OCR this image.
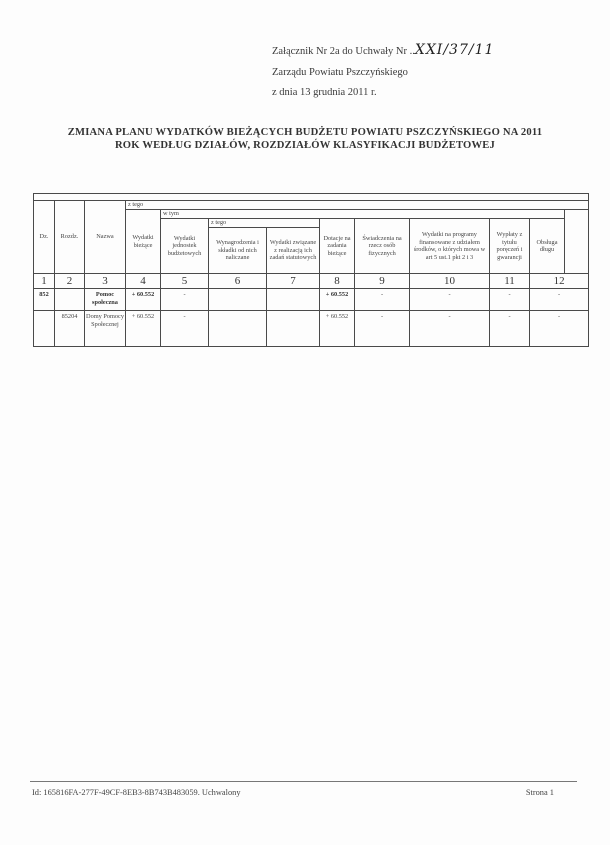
Załącznik Nr 2a do Uchwały Nr ..XXI/37/11
Zarządu Powiatu Pszczyńskiego
z dnia 13 grudnia 2011 r.
ZMIANA PLANU WYDATKÓW BIEŻĄCYCH BUDŻETU POWIATU PSZCZYŃSKIEGO NA 2011
ROK WEDŁUG DZIAŁÓW, ROZDZIAŁÓW KLASYFIKACJI BUDŻETOWEJ

Dz.	Rozdz.	Nazwa	z tego									
			Wydatki bieżące	w tym								
				Wydatki jednostek budżetowych	z tego		Dotacje na zadania bieżące	Świadczenia na rzecz osób fizycznych	Wydatki na programy finansowane z udziałem środków, o których mowa w art 5 ust.1 pkt 2 i 3	Wypłaty z tytułu poręczeń i gwarancji	Obsługa długu	
					Wynagrodzenia i składki od nich naliczane	Wydatki związane z realizacją ich zadań statutowych						
1	2	3	4	5	6	7	8	9	10	11	12	
852		Pomoc społeczna	+ 60.552	-			+ 60.552	-	-	-	-	
	85204	Domy Pomocy Społecznej	+ 60.552	-			+ 60.552	-	-	-	-	
Id: 165816FA-277F-49CF-8EB3-8B743B483059. Uchwalony	Strona 1
